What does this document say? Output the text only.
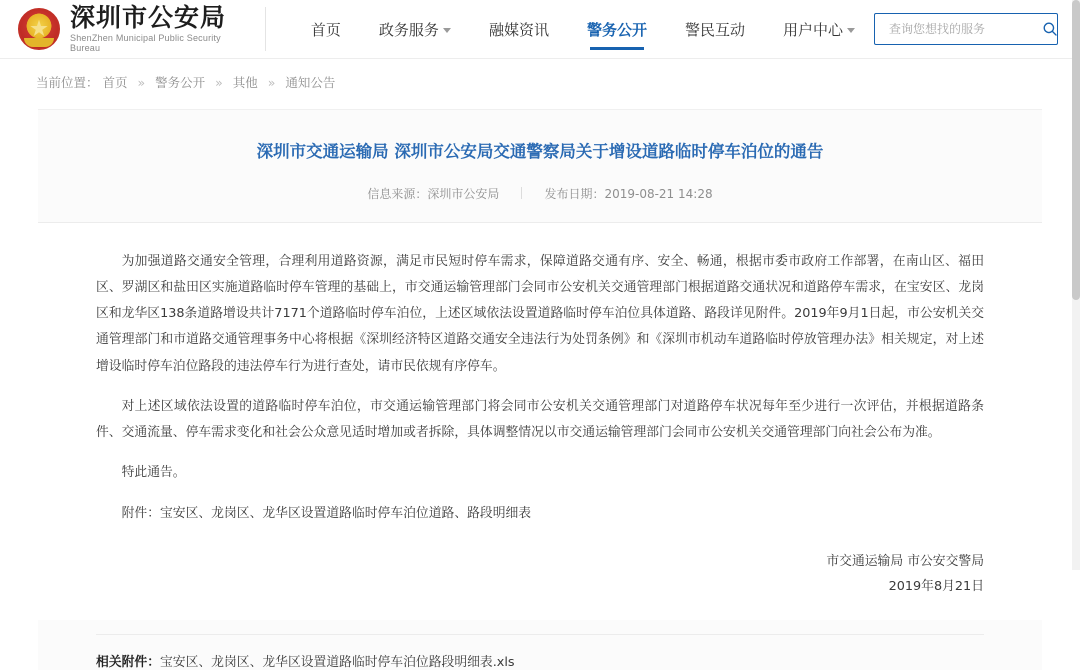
深圳市公安局
ShenZhen Municipal Public Security Bureau
首页	政务服务	融媒资讯	警务公开	警民互动	用户中心
查询您想找的服务
当前位置： 首页 » 警务公开 » 其他 » 通知公告
深圳市交通运输局 深圳市公安局交通警察局关于增设道路临时停车泊位的通告
信息来源：深圳市公安局	发布日期：2019-08-21 14:28

为加强道路交通安全管理，合理利用道路资源，满足市民短时停车需求，保障道路交通有序、安全、畅通，根据市委市政府工作部署，在南山区、福田区、罗湖区和盐田区实施道路临时停车管理的基础上，市交通运输管理部门会同市公安机关交通管理部门根据道路交通状况和道路停车需求，在宝安区、龙岗区和龙华区138条道路增设共计7171个道路临时停车泊位，上述区域依法设置道路临时停车泊位具体道路、路段详见附件。2019年9月1日起，市公安机关交通管理部门和市道路交通管理事务中心将根据《深圳经济特区道路交通安全违法行为处罚条例》和《深圳市机动车道路临时停放管理办法》相关规定，对上述增设临时停车泊位路段的违法停车行为进行查处，请市民依规有序停车。

对上述区域依法设置的道路临时停车泊位，市交通运输管理部门将会同市公安机关交通管理部门对道路停车状况每年至少进行一次评估，并根据道路条件、交通流量、停车需求变化和社会公众意见适时增加或者拆除，具体调整情况以市交通运输管理部门会同市公安机关交通管理部门向社会公布为准。

特此通告。

附件：宝安区、龙岗区、龙华区设置道路临时停车泊位道路、路段明细表

市交通运输局 市公安交警局
2019年8月21日
相关附件：宝安区、龙岗区、龙华区设置道路临时停车泊位路段明细表.xls
